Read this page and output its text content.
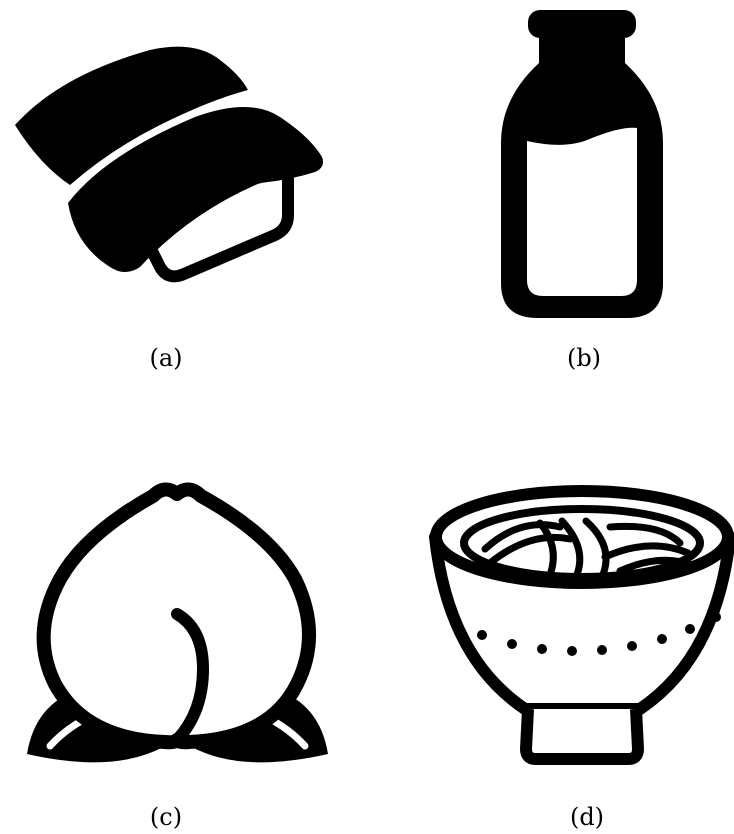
(a)	(b)
(c)	(d)
